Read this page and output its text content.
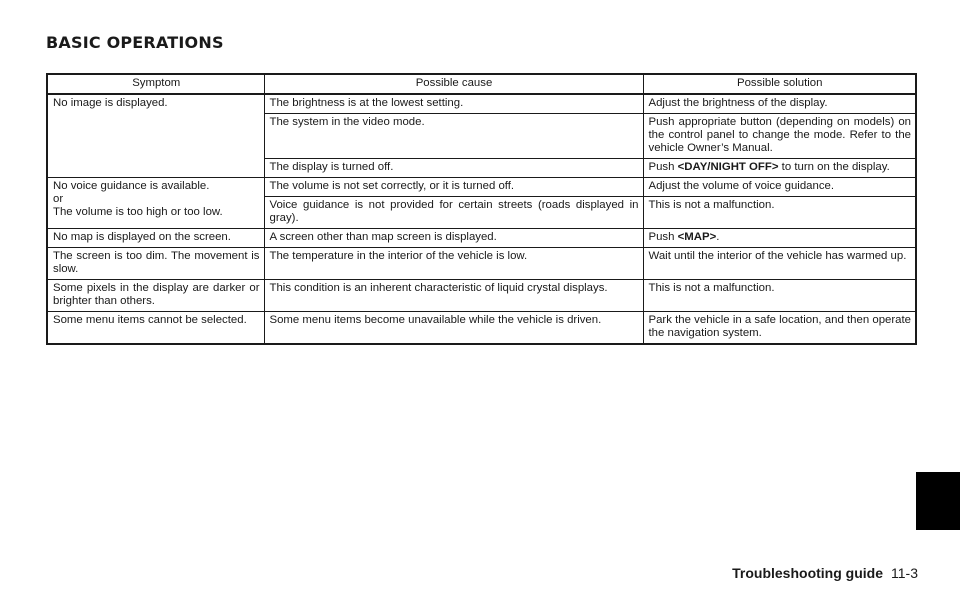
BASIC OPERATIONS
Symptom	Possible cause	Possible solution
No image is displayed.	The brightness is at the lowest setting.	Adjust the brightness of the display.
	The system in the video mode.	Push appropriate button (depending on models) on the control panel to change the mode. Refer to the vehicle Owner’s Manual.
	The display is turned off.	Push <DAY/NIGHT OFF> to turn on the display.
No voice guidance is available.
or
The volume is too high or too low.	The volume is not set correctly, or it is turned off.	Adjust the volume of voice guidance.
	Voice guidance is not provided for certain streets (roads displayed in gray).	This is not a malfunction.
No map is displayed on the screen.	A screen other than map screen is displayed.	Push <MAP>.
The screen is too dim. The movement is slow.	The temperature in the interior of the vehicle is low.	Wait until the interior of the vehicle has warmed up.
Some pixels in the display are darker or brighter than others.	This condition is an inherent characteristic of liquid crystal displays.	This is not a malfunction.
Some menu items cannot be selected.	Some menu items become unavailable while the vehicle is driven.	Park the vehicle in a safe location, and then operate the navigation system.
Troubleshooting guide 11-3
